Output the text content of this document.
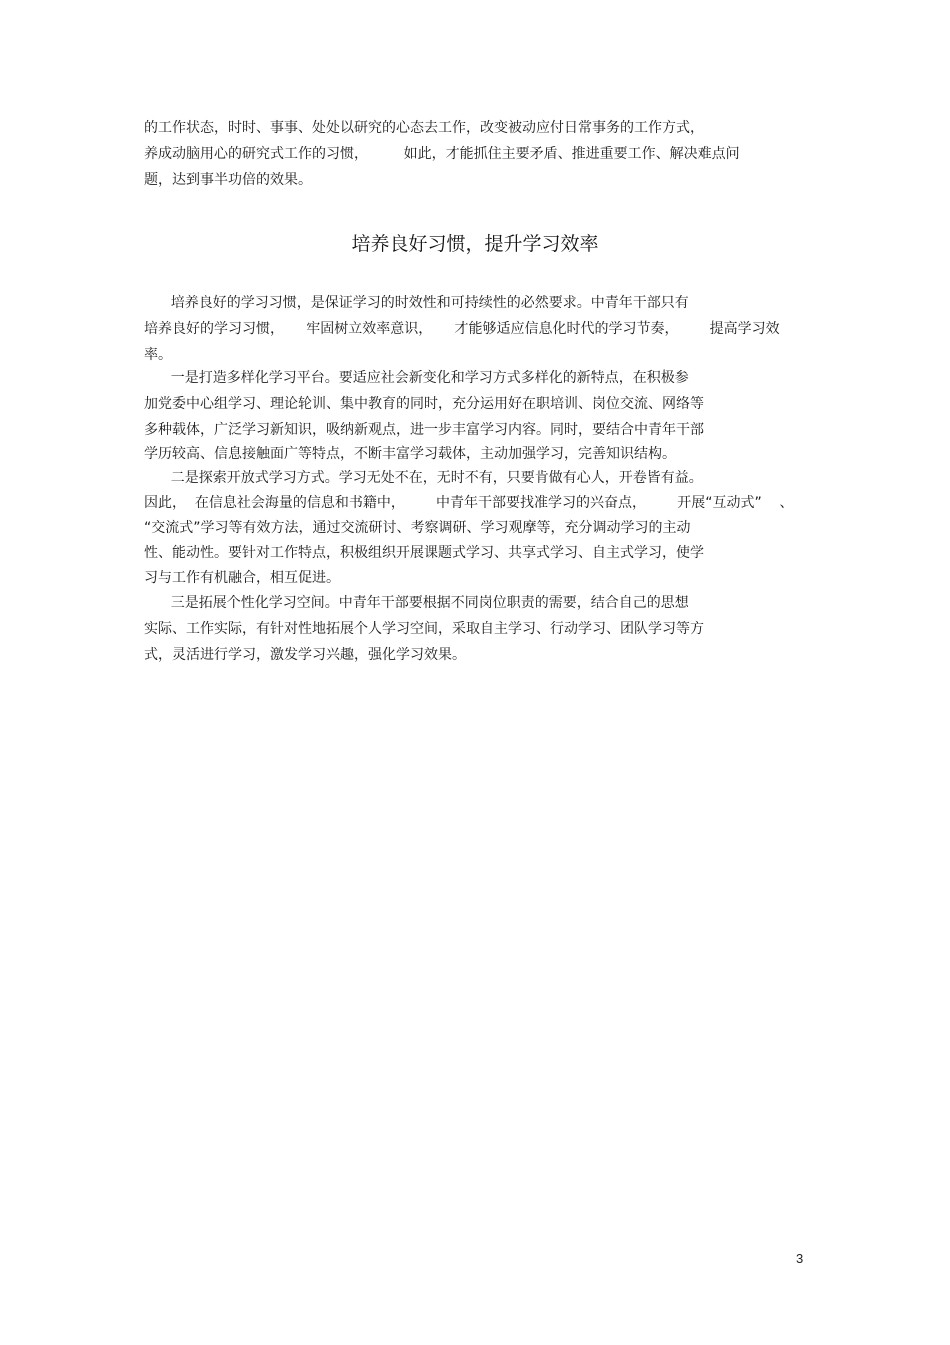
的工作状态，时时、事事、处处以研究的心态去工作，改变被动应付日常事务的工作方式，
养成动脑用心的研究式工作的习惯，        如此，才能抓住主要矛盾、推进重要工作、解决难点问
题，达到事半功倍的效果。
培养良好习惯，提升学习效率
培养良好的学习习惯，是保证学习的时效性和可持续性的必然要求。中青年干部只有
培养良好的学习习惯，     牢固树立效率意识，     才能够适应信息化时代的学习节奏，       提高学习效
率。
一是打造多样化学习平台。要适应社会新变化和学习方式多样化的新特点，在积极参
加党委中心组学习、理论轮训、集中教育的同时，充分运用好在职培训、岗位交流、网络等
多种载体，广泛学习新知识，吸纳新观点，进一步丰富学习内容。同时，要结合中青年干部
学历较高、信息接触面广等特点，不断丰富学习载体，主动加强学习，完善知识结构。
二是探索开放式学习方式。学习无处不在，无时不有，只要肯做有心人，开卷皆有益。
因此，  在信息社会海量的信息和书籍中，       中青年干部要找准学习的兴奋点，       开展“互动式”    、
“交流式”学习等有效方法，通过交流研讨、考察调研、学习观摩等，充分调动学习的主动
性、能动性。要针对工作特点，积极组织开展课题式学习、共享式学习、自主式学习，使学
习与工作有机融合，相互促进。
三是拓展个性化学习空间。中青年干部要根据不同岗位职责的需要，结合自己的思想
实际、工作实际，有针对性地拓展个人学习空间，采取自主学习、行动学习、团队学习等方
式，灵活进行学习，激发学习兴趣，强化学习效果。
3
